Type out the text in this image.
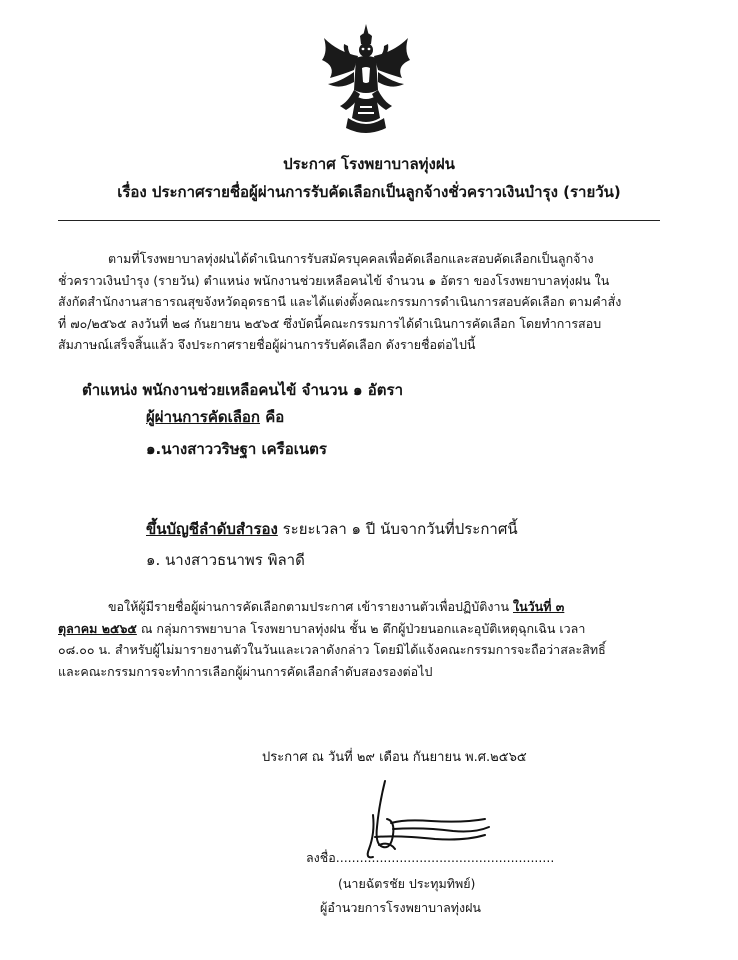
ประกาศ โรงพยาบาลทุ่งฝน
เรื่อง ประกาศรายชื่อผู้ผ่านการรับคัดเลือกเป็นลูกจ้างชั่วคราวเงินบำรุง (รายวัน)
ตามที่โรงพยาบาลทุ่งฝนได้ดำเนินการรับสมัครบุคคลเพื่อคัดเลือกและสอบคัดเลือกเป็นลูกจ้าง
ชั่วคราวเงินบำรุง (รายวัน) ตำแหน่ง พนักงานช่วยเหลือคนไข้ จำนวน ๑ อัตรา ของโรงพยาบาลทุ่งฝน ใน
สังกัดสำนักงานสาธารณสุขจังหวัดอุดรธานี และได้แต่งตั้งคณะกรรมการดำเนินการสอบคัดเลือก ตามคำสั่ง
ที่ ๗๐/๒๕๖๕ ลงวันที่ ๒๘ กันยายน ๒๕๖๕ ซึ่งบัดนี้คณะกรรมการได้ดำเนินการคัดเลือก โดยทำการสอบ
สัมภาษณ์เสร็จสิ้นแล้ว จึงประกาศรายชื่อผู้ผ่านการรับคัดเลือก ดังรายชื่อต่อไปนี้
ตำแหน่ง พนักงานช่วยเหลือคนไข้ จำนวน ๑ อัตรา
ผู้ผ่านการคัดเลือก คือ
๑.นางสาววริษฐา เครือเนตร
ขึ้นบัญชีลำดับสำรอง ระยะเวลา ๑ ปี นับจากวันที่ประกาศนี้
๑. นางสาวธนาพร พิลาดี
ขอให้ผู้มีรายชื่อผู้ผ่านการคัดเลือกตามประกาศ เข้ารายงานตัวเพื่อปฏิบัติงาน ในวันที่ ๓
ตุลาคม ๒๕๖๕ ณ กลุ่มการพยาบาล โรงพยาบาลทุ่งฝน ชั้น ๒ ตึกผู้ป่วยนอกและอุบัติเหตุฉุกเฉิน เวลา
๐๘.๐๐ น. สำหรับผู้ไม่มารายงานตัวในวันและเวลาดังกล่าว โดยมิได้แจ้งคณะกรรมการจะถือว่าสละสิทธิ์
และคณะกรรมการจะทำการเลือกผู้ผ่านการคัดเลือกลำดับสองรองต่อไป
ประกาศ ณ วันที่ ๒๙ เดือน กันยายน พ.ศ.๒๕๖๕
ลงชื่อ.......................................................
(นายฉัตรชัย ประทุมทิพย์)
ผู้อำนวยการโรงพยาบาลทุ่งฝน
